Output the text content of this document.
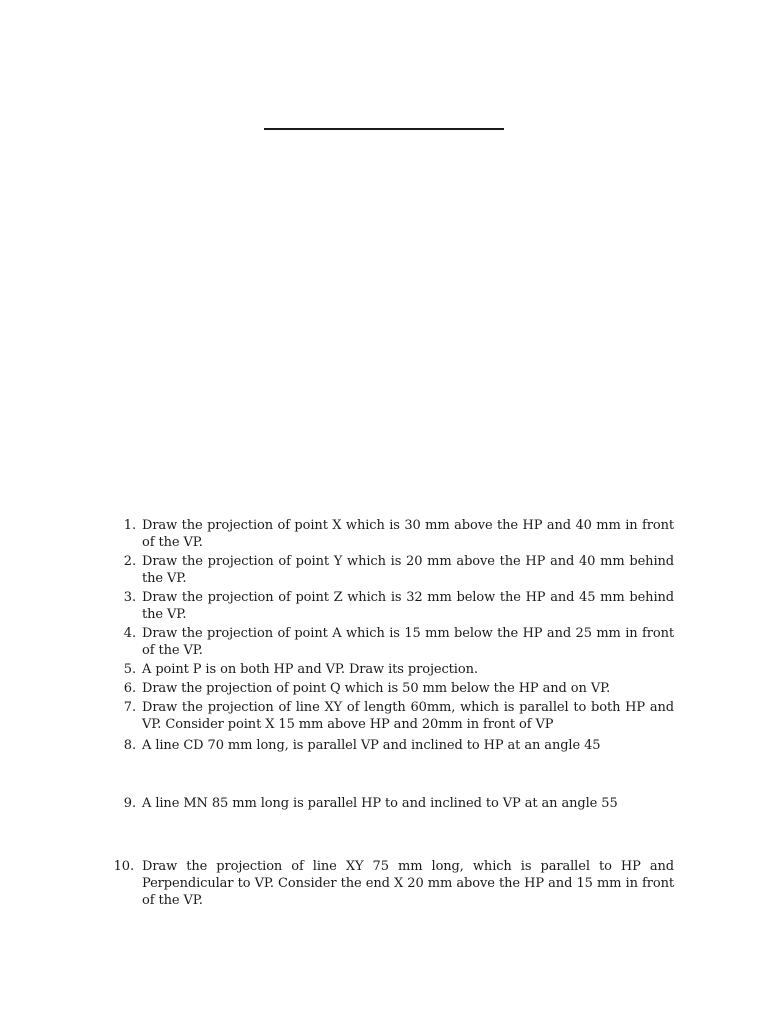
1. Draw the projection of point X which is 30 mm above the HP and 40 mm in front of the VP.
2. Draw the projection of point Y which is 20 mm above the HP and 40 mm behind the VP.
3. Draw the projection of point Z which is 32 mm below the HP and 45 mm behind the VP.
4. Draw the projection of point A which is 15 mm below the HP and 25 mm in front of the VP.
5. A point P is on both HP and VP. Draw its projection.
6. Draw the projection of point Q which is 50 mm below the HP and on VP.
7. Draw the projection of line XY of length 60mm, which is parallel to both HP and VP. Consider point X 15 mm above HP and 20mm in front of VP
8. A line CD 70 mm long, is parallel VP and inclined to HP at an angle 45
9. A line MN 85 mm long is parallel HP to and inclined to VP at an angle 55
10. Draw the projection of line XY 75 mm long, which is parallel to HP and Perpendicular to VP. Consider the end X 20 mm above the HP and 15 mm in front of the VP.
